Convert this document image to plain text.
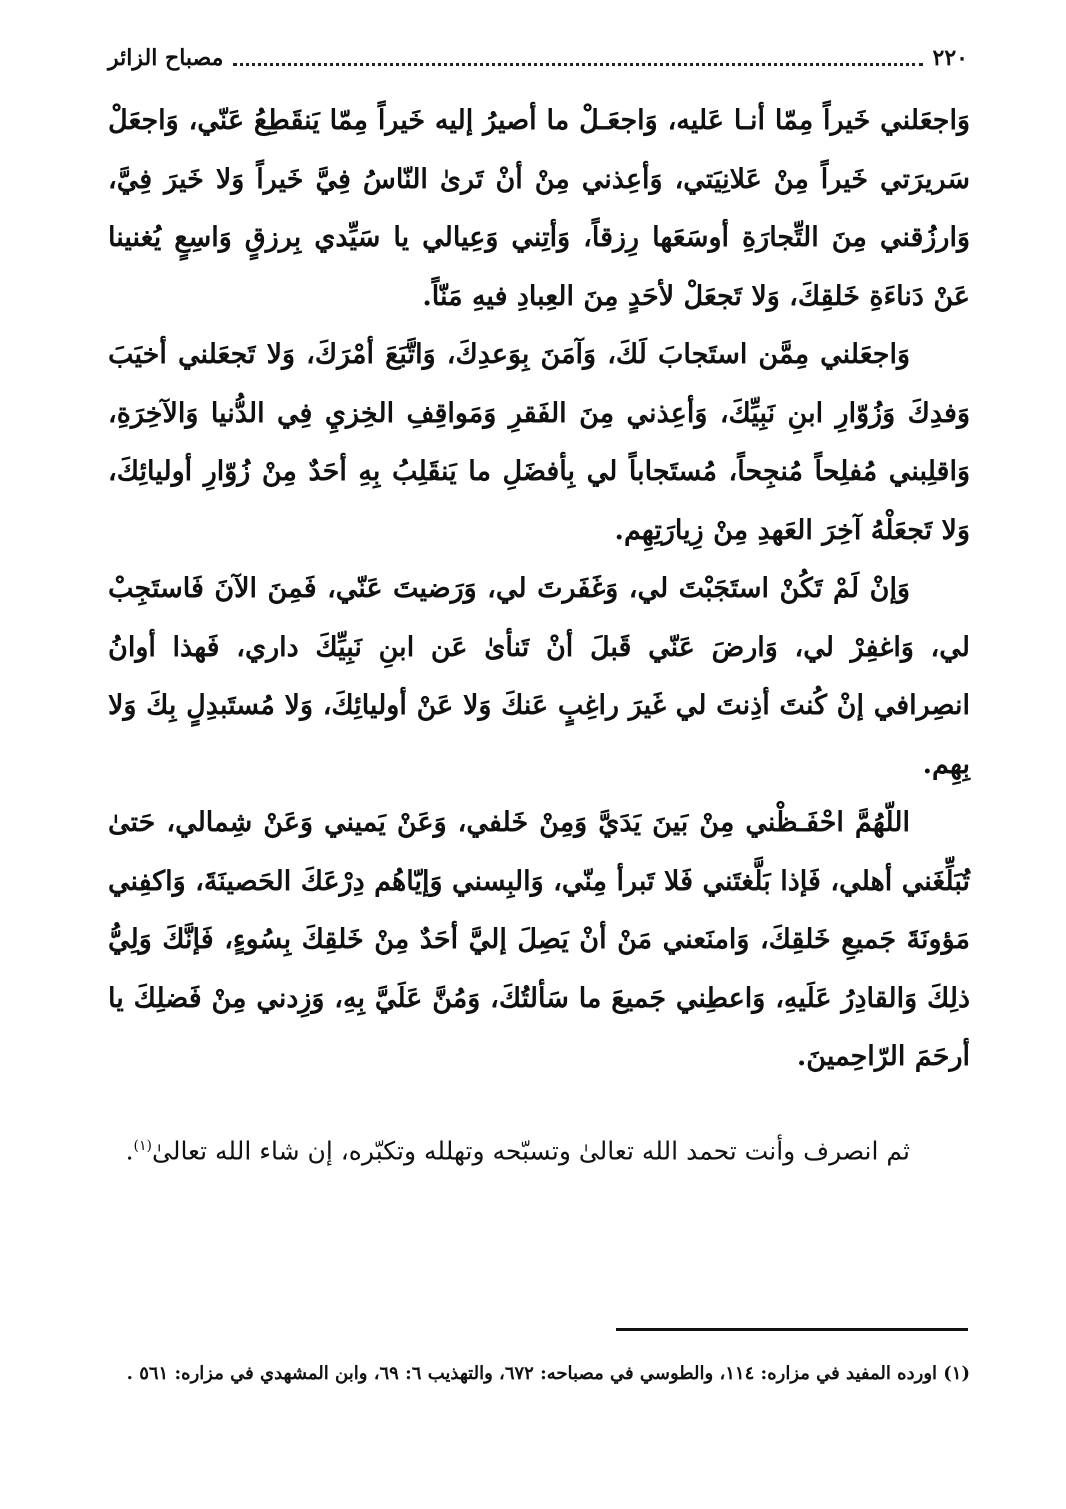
٢٢٠
مصباح الزائر

وَاجعَلني خَيراً مِمّا أنـا عَليه، وَاجعَـلْ ما أصيرُ إليه خَيراً مِمّا يَنقَطِعُ عَنّي، وَاجعَلْ سَريرَتي خَيراً مِنْ عَلانِيَتي، وَأعِذني مِنْ أنْ تَرىٰ النّاسُ فِيَّ خَيراً وَلا خَيرَ فِيَّ، وَارزُقني مِنَ التِّجارَةِ أوسَعَها رِزقاً، وَأتِني وَعِيالي يا سَيِّدي بِرزقٍ وَاسِعٍ يُغنينا عَنْ دَناءَةِ خَلقِكَ، وَلا تَجعَلْ لأحَدٍ مِنَ العِبادِ فيهِ مَنّاً.

وَاجعَلني مِمَّن استَجابَ لَكَ، وَآمَنَ بِوَعدِكَ، وَاتَّبَعَ أمْرَكَ، وَلا تَجعَلني أخيَبَ وَفدِكَ وَزُوّارِ ابنِ نَبِيِّكَ، وَأعِذني مِنَ الفَقرِ وَمَواقِفِ الخِزيِ فِي الدُّنيا وَالآخِرَةِ، وَاقلِبني مُفلِحاً مُنجِحاً، مُستَجاباً لي بِأفضَلِ ما يَنقَلِبُ بِهِ أحَدٌ مِنْ زُوّارِ أوليائِكَ، وَلا تَجعَلْهُ آخِرَ العَهدِ مِنْ زِيارَتِهِم.

وَإنْ لَمْ تَكُنْ استَجَبْتَ لي، وَغَفَرتَ لي، وَرَضيتَ عَنّي، فَمِنَ الآنَ فَاستَجِبْ لي، وَاغفِرْ لي، وَارضَ عَنّي قَبلَ أنْ تَنأىٰ عَن ابنِ نَبِيِّكَ داري، فَهذا أوانُ انصِرافي إنْ كُنتَ أذِنتَ لي غَيرَ راغِبٍ عَنكَ وَلا عَنْ أوليائِكَ، وَلا مُستَبدِلٍ بِكَ وَلا بِهِم.

اللّهُمَّ احْفَـظْني مِنْ بَينَ يَدَيَّ وَمِنْ خَلفي، وَعَنْ يَميني وَعَنْ شِمالي، حَتىٰ تُبَلِّغَني أهلي، فَإذا بَلَّغتَني فَلا تَبرأ مِنّي، وَالبِسني وَإيّاهُم دِرْعَكَ الحَصينَةَ، وَاكفِني مَؤونَةَ جَميعِ خَلقِكَ، وَامنَعني مَنْ أنْ يَصِلَ إليَّ أحَدٌ مِنْ خَلقِكَ بِسُوءٍ، فَإنَّكَ وَلِيُّ ذلِكَ وَالقادِرُ عَلَيهِ، وَاعطِني جَميعَ ما سَألتُكَ، وَمُنَّ عَلَيَّ بِهِ، وَزِدني مِنْ فَضلِكَ يا أرحَمَ الرّاحِمينَ.

ثم انصرف وأنت تحمد الله تعالىٰ وتسبّحه وتهلله وتكبّره، إن شاء الله تعالىٰ$^{(١)}$.

(١) اورده المفيد في مزاره: ١١٤، والطوسي في مصباحه: ٦٧٢، والتهذيب ٦: ٦٩، وابن المشهدي في مزاره: ٥٦١ .
